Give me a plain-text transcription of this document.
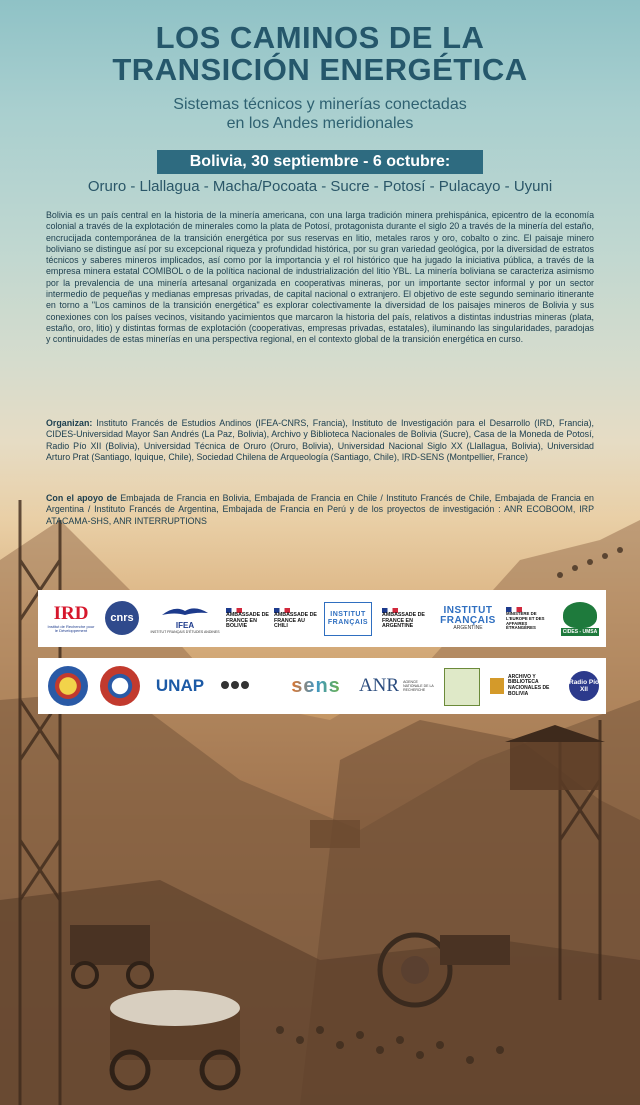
LOS CAMINOS DE LA
TRANSICIÓN ENERGÉTICA
Sistemas técnicos y minerías conectadas
en los Andes meridionales
Bolivia, 30 septiembre - 6 octubre:
Oruro - Llallagua - Macha/Pocoata - Sucre - Potosí - Pulacayo - Uyuni
Bolivia es un país central en la historia de la minería americana, con una larga tradición minera prehispánica, epicentro de la economía colonial a través de la explotación de minerales como la plata de Potosí, protagonista durante el siglo 20 a través de la minería del estaño, encrucijada contemporánea de la transición energética por sus reservas en litio, metales raros y oro, cobalto o zinc. El paisaje minero boliviano se distingue así por su excepcional riqueza y profundidad histórica, por su gran variedad geológica, por la diversidad de estratos técnicos y saberes mineros implicados, así como por la importancia y el rol histórico que ha jugado la iniciativa pública, a través de la empresa minera estatal COMIBOL o de la política nacional de industrialización del litio YBL. La minería boliviana se caracteriza asimismo por la prevalencia de una minería artesanal organizada en cooperativas mineras, por un importante sector informal y por un sector intermedio de pequeñas y medianas empresas privadas, de capital nacional o extranjero. El objetivo de este segundo seminario itinerante en torno a "Los caminos de la transición energética" es explorar colectivamente la diversidad de los paisajes mineros de Bolivia y sus conexiones con los países vecinos, visitando yacimientos que marcaron la historia del país, relativos a distintas industrias mineras (plata, estaño, oro, litio) y distintas formas de explotación (cooperativas, empresas privadas, estatales), iluminando las singularidades, paradojas y continuidades de estas minerías en una perspectiva regional, en el contexto global de la transición energética en curso.
Organizan: Instituto Francés de Estudios Andinos (IFEA-CNRS, Francia), Instituto de Investigación para el Desarrollo (IRD, Francia), CIDES-Universidad Mayor San Andrés (La Paz, Bolivia), Archivo y Biblioteca Nacionales de Bolivia (Sucre), Casa de la Moneda de Potosí, Radio Pío XII (Bolivia), Universidad Técnica de Oruro (Oruro, Bolivia), Universidad Nacional Siglo XX (Llallagua, Bolivia), Universidad Arturo Prat (Santiago, Iquique, Chile), Sociedad Chilena de Arqueología (Santiago, Chile), IRD-SENS (Montpellier, France)
Con el apoyo de Embajada de Francia en Bolivia, Embajada de Francia en Chile / Instituto Francés de Chile, Embajada de Francia en Argentina / Instituto Francés de Argentina, Embajada de Francia en Perú y de los proyectos de investigación : ANR ECOBOOM, IRP ATACAMA-SHS, ANR INTERRUPTIONS
IRD
Institut de Recherche pour le Développement
cnrs
IFEA
INSTITUT FRANÇAIS D'ÉTUDES ANDINES
AMBASSADE DE FRANCE EN BOLIVIE
AMBASSADE DE FRANCE AU CHILI
INSTITUT FRANÇAIS
AMBASSADE DE FRANCE EN ARGENTINE
INSTITUT FRANÇAIS
ARGENTINE
MINISTÈRE DE L'EUROPE ET DES AFFAIRES ÉTRANGÈRES
CIDES - UMSA
UNAP	sens ANR AGENCE NATIONALE DE LA RECHERCHE
ARCHIVO Y BIBLIOTECA NACIONALES DE BOLIVIA
Radio Pío XII
